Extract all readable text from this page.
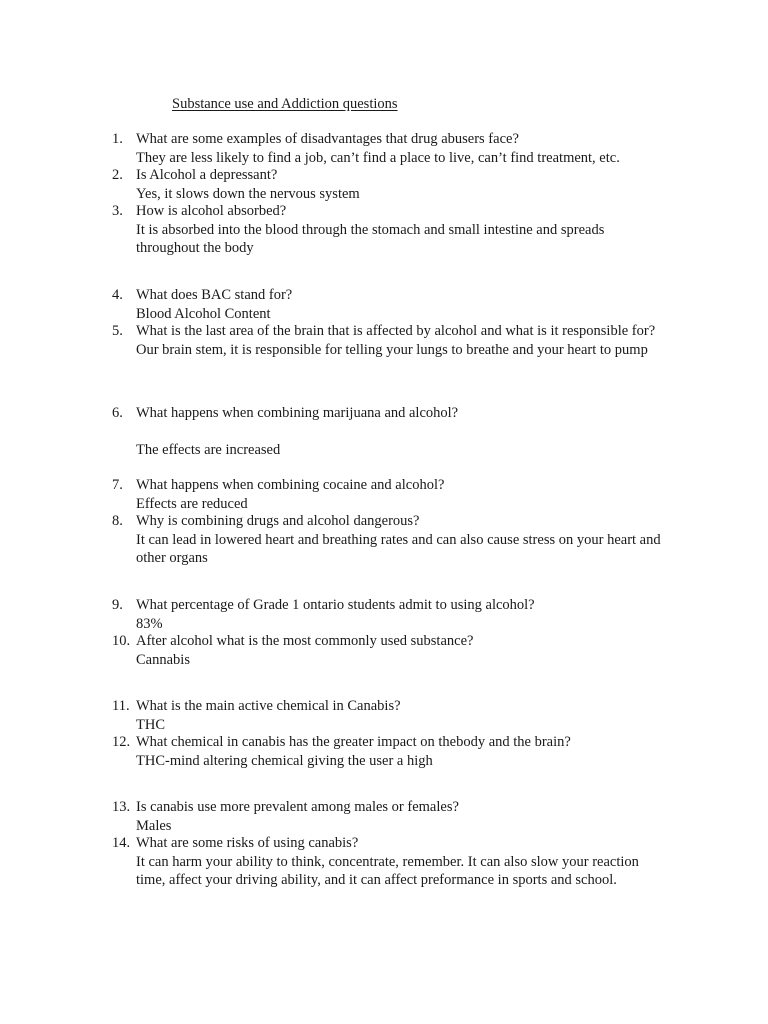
Substance use and Addiction questions
1. What are some examples of disadvantages that drug abusers face?
They are less likely to find a job, can’t find a place to live, can’t find treatment, etc.
2. Is Alcohol a depressant?
Yes, it slows down the nervous system
3. How is alcohol absorbed?
It is absorbed into the blood through the stomach and small intestine and spreads throughout the body
4. What does BAC stand for?
Blood Alcohol Content
5. What is the last area of the brain that is affected by alcohol and what is it responsible for?
Our brain stem, it is responsible for telling your lungs to breathe and your heart to pump
6. What happens when combining marijuana and alcohol?
The effects are increased
7. What happens when combining cocaine and alcohol?
Effects are reduced
8. Why is combining drugs and alcohol dangerous?
It can lead in lowered heart and breathing rates and can also cause stress on your heart and other organs
9. What percentage of Grade 1 ontario students admit to using alcohol?
83%
10. After alcohol what is the most commonly used substance?
Cannabis
11. What is the main active chemical in Canabis?
THC
12. What chemical in canabis has the greater impact on thebody and the brain?
THC-mind altering chemical giving the user a high
13. Is canabis use more prevalent among males or females?
Males
14. What are some risks of using canabis?
It can harm your ability to think, concentrate, remember. It can also slow your reaction time, affect your driving ability, and it can affect preformance in sports and school.
